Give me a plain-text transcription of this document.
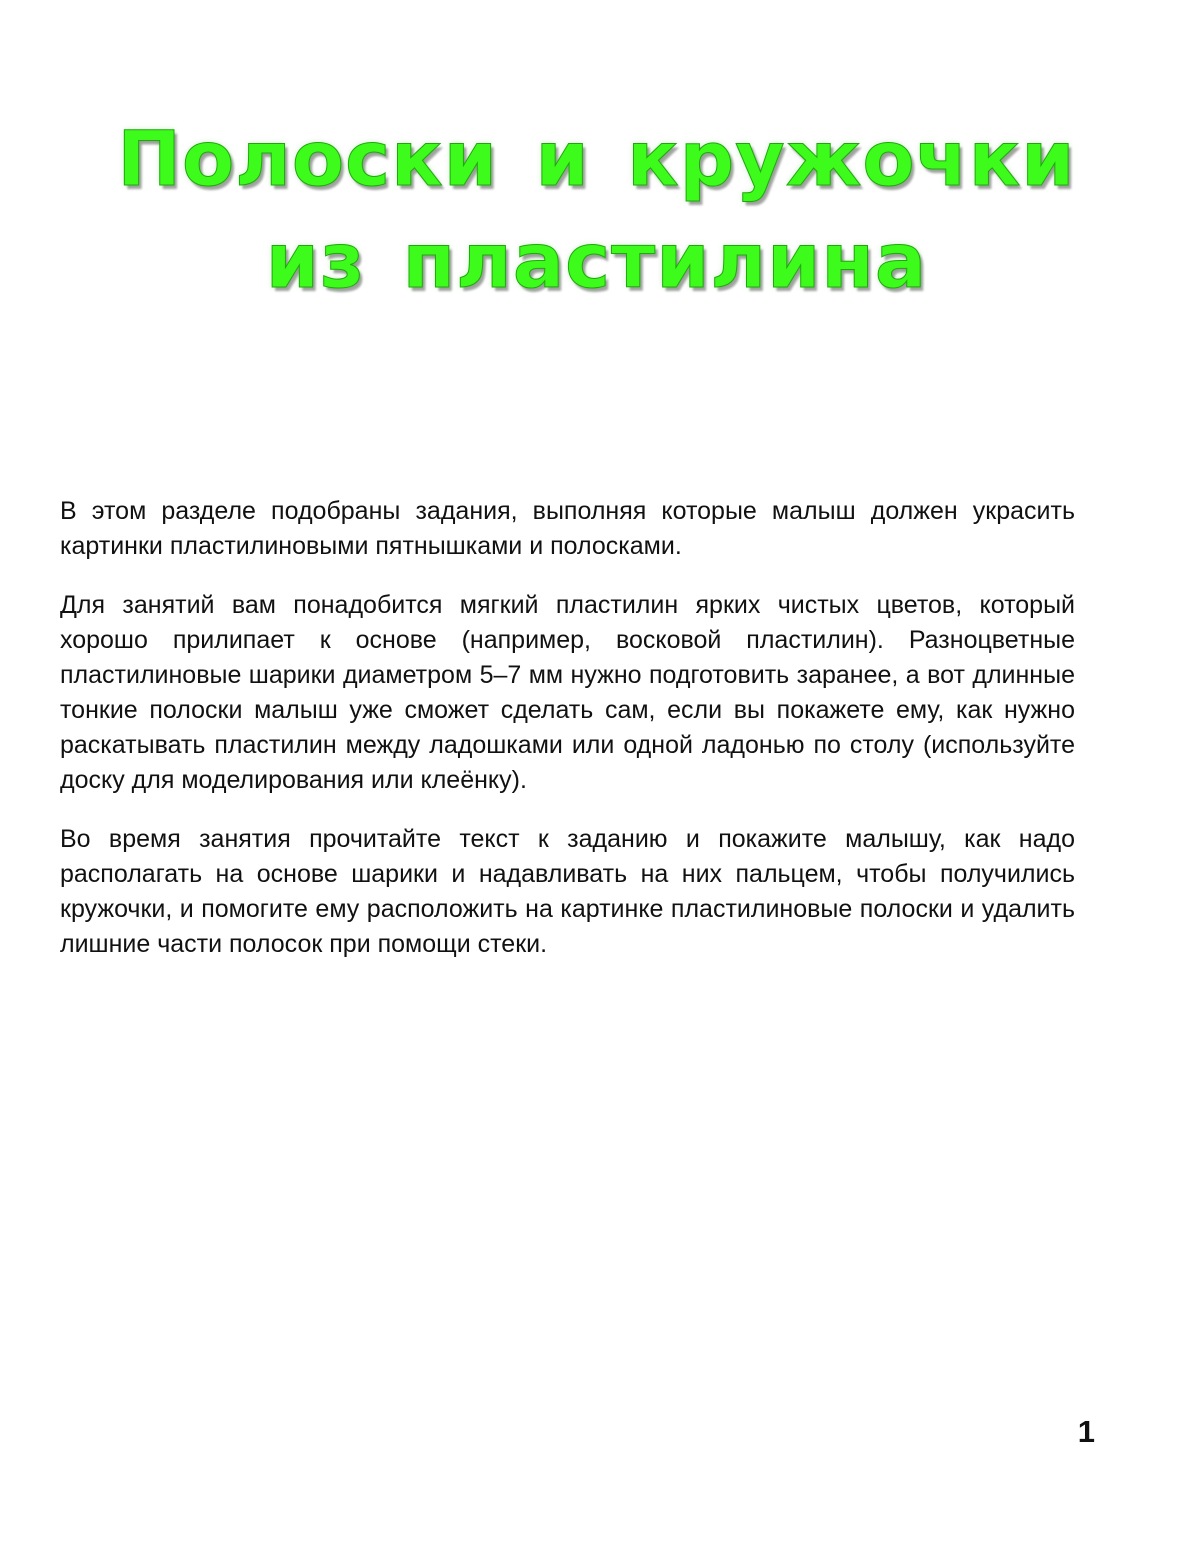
Полоски и кружочки
из пластилина

В этом разделе подобраны задания, выполняя которые малыш должен украсить картинки пластилиновыми пятнышками и полосками.

Для занятий вам понадобится мягкий пластилин ярких чистых цветов, который хорошо прилипает к основе (например, восковой пластилин). Разноцветные пластилиновые шарики диаметром 5–7 мм нужно подготовить заранее, а вот длинные тонкие полоски малыш уже сможет сделать сам, если вы покажете ему, как нужно раскатывать пластилин между ладошками или одной ладонью по столу (используйте доску для моделирования или клеёнку).

Во время занятия прочитайте текст к заданию и покажите малышу, как надо располагать на основе шарики и надавливать на них пальцем, чтобы получились кружочки, и помогите ему расположить на картинке пластилиновые полоски и удалить лишние части полосок при помощи стеки.

1
